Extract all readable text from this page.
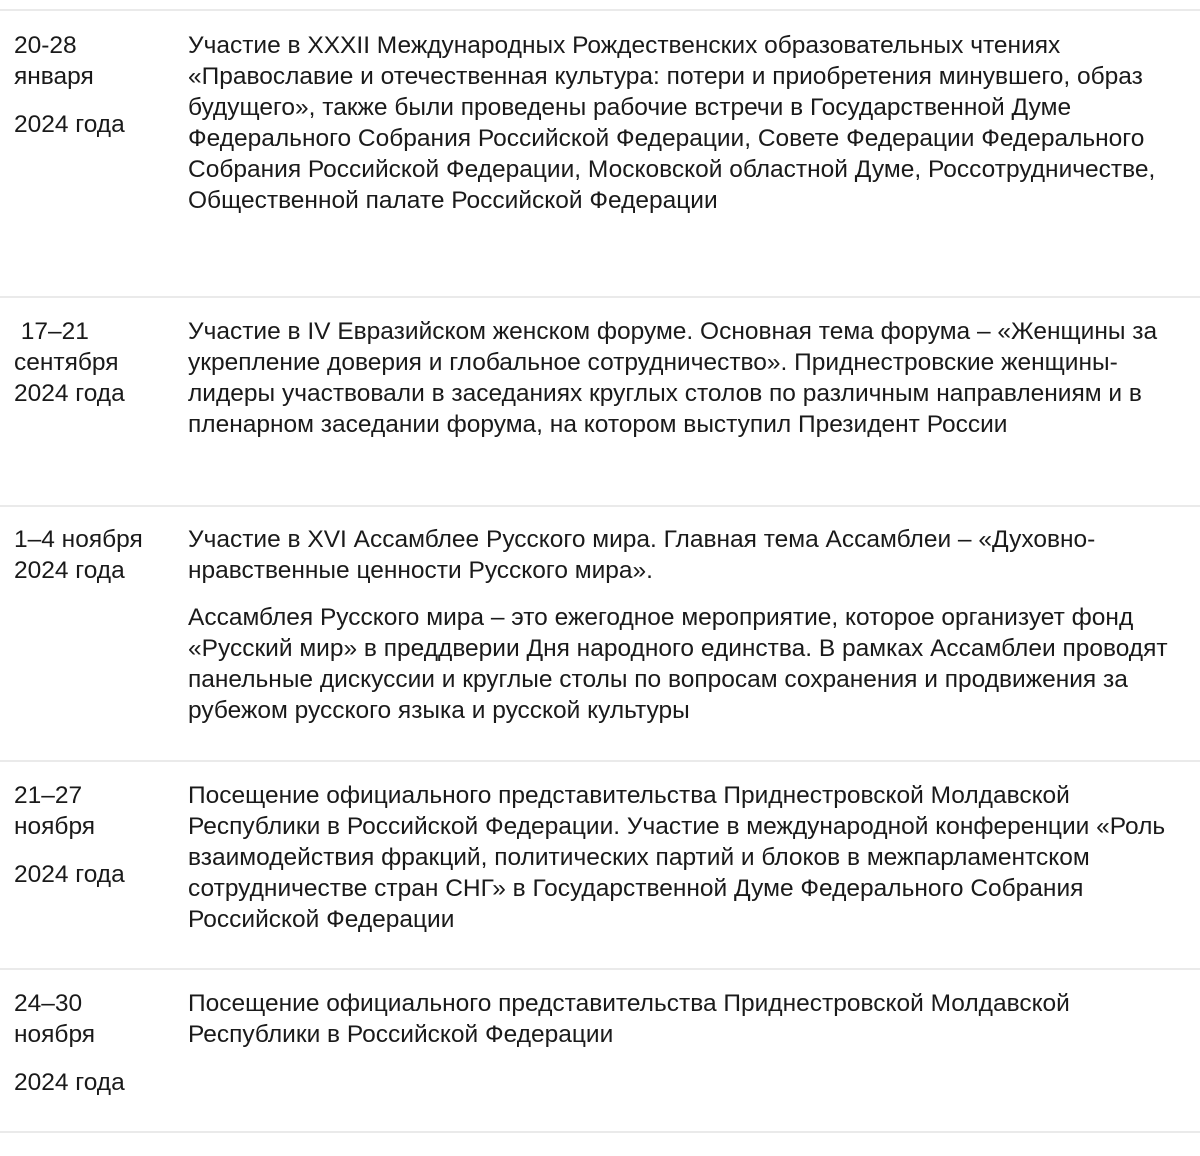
20-28

января

2024 года

Участие в XXXII Международных Рождественских образовательных чтениях «Православие и отечественная культура: потери и приобретения минувшего, образ будущего», также были проведены рабочие встречи в Государственной Думе Федерального Собрания Российской Федерации, Совете Федерации Федерального Собрания Российской Федерации, Московской областной Думе, Россотрудничестве, Общественной палате Российской Федерации

17–21

сентября

2024 года

Участие в IV Евразийском женском форуме. Основная тема форума – «Женщины за укрепление доверия и глобальное сотрудничество». Приднестровские женщины-лидеры участвовали в заседаниях круглых столов по различным направлениям и в пленарном заседании форума, на котором выступил Президент России

1–4 ноября

2024 года

Участие в XVI Ассамблее Русского мира. Главная тема Ассамблеи – «Духовно-нравственные ценности Русского мира».

Ассамблея Русского мира – это ежегодное мероприятие, которое организует фонд «Русский мир» в преддверии Дня народного единства. В рамках Ассамблеи проводят панельные дискуссии и круглые столы по вопросам сохранения и продвижения за рубежом русского языка и русской культуры

21–27

ноября

2024 года

Посещение официального представительства Приднестровской Молдавской Республики в Российской Федерации. Участие в международной конференции «Роль взаимодействия фракций, политических партий и блоков в межпарламентском сотрудничестве стран СНГ» в Государственной Думе Федерального Собрания Российской Федерации

24–30

ноября

2024 года

Посещение официального представительства Приднестровской Молдавской Республики в Российской Федерации
